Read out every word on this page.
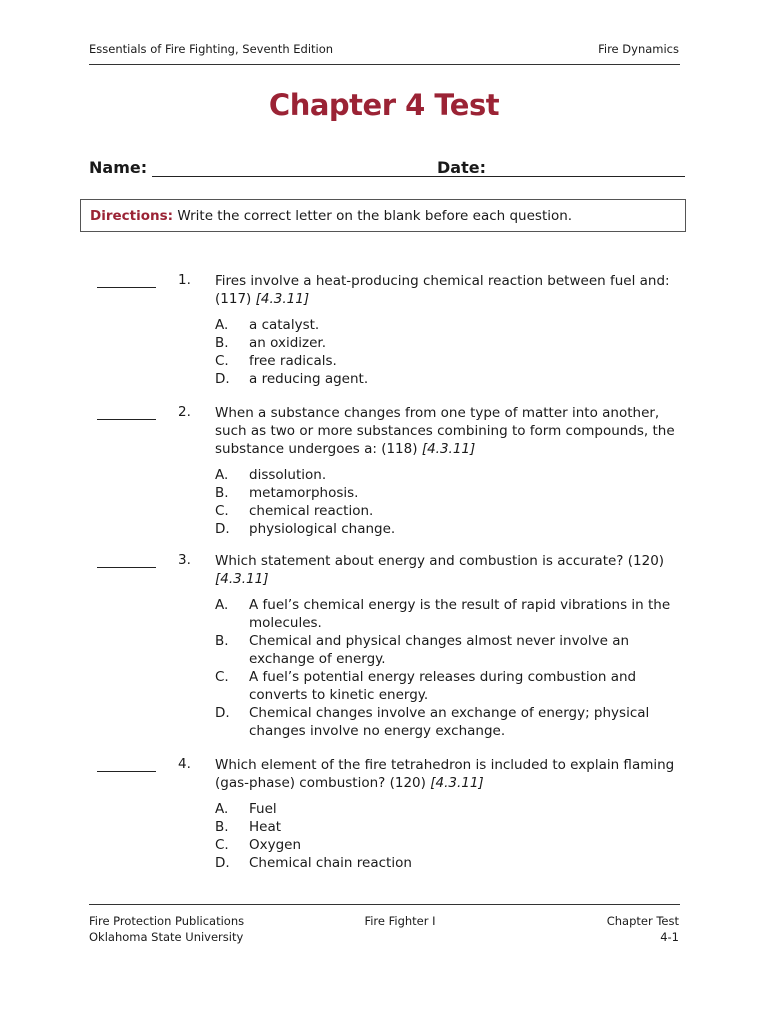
Essentials of Fire Fighting, Seventh Edition	Fire Dynamics
Chapter 4 Test
Name:	Date:
Directions: Write the correct letter on the blank before each question.
1. Fires involve a heat-producing chemical reaction between fuel and: (117) [4.3.11]
A.	a catalyst.
B.	an oxidizer.
C.	free radicals.
D.	a reducing agent.
2. When a substance changes from one type of matter into another, such as two or more substances combining to form compounds, the substance undergoes a: (118) [4.3.11]
A.	dissolution.
B.	metamorphosis.
C.	chemical reaction.
D.	physiological change.
3. Which statement about energy and combustion is accurate? (120) [4.3.11]
A.	A fuel’s chemical energy is the result of rapid vibrations in the molecules.
B.	Chemical and physical changes almost never involve an exchange of energy.
C.	A fuel’s potential energy releases during combustion and converts to kinetic energy.
D.	Chemical changes involve an exchange of energy; physical changes involve no energy exchange.
4. Which element of the fire tetrahedron is included to explain flaming (gas-phase) combustion? (120) [4.3.11]
A.	Fuel
B.	Heat
C.	Oxygen
D.	Chemical chain reaction
Fire Protection Publications
Oklahoma State University
Fire Fighter I	Chapter Test
4-1
